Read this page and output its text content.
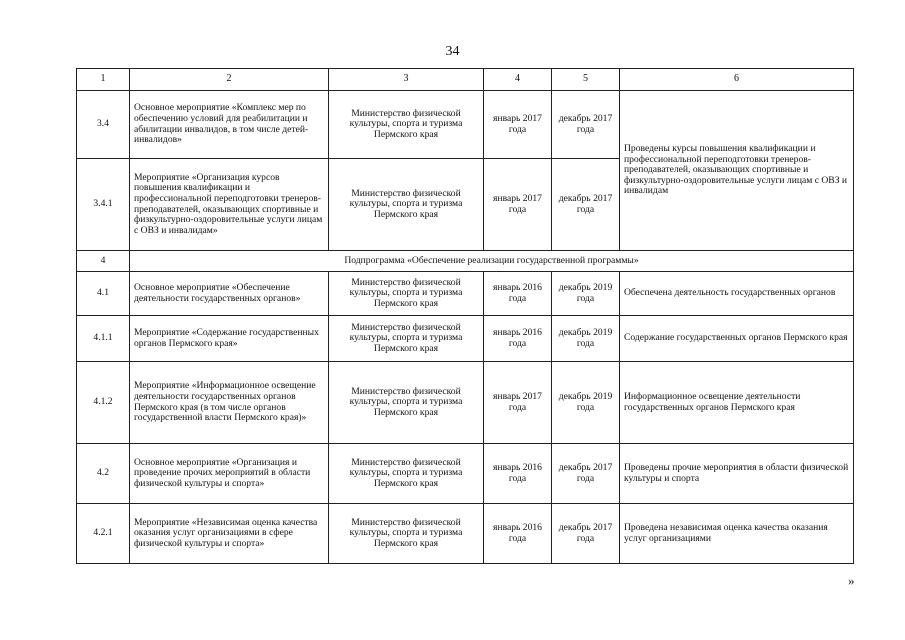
34
1	2	3	4	5	6
3.4	Основное мероприятие «Комплекс мер по обеспечению условий для реабилитации и абилитации инвалидов, в том числе детей-инвалидов»	Министерство физической культуры, спорта и туризма Пермского края	январь 2017 года	декабрь 2017 года	Проведены курсы повышения квалификации и профессиональной переподготовки тренеров-преподавателей, оказывающих спортивные и физкультурно-оздоровительные услуги лицам с ОВЗ и инвалидам
3.4.1	Мероприятие «Организация курсов повышения квалификации и профессиональной переподготовки тренеров-преподавателей, оказывающих спортивные и физкультурно-оздоровительные услуги лицам с ОВЗ и инвалидам»	Министерство физической культуры, спорта и туризма Пермского края	январь 2017 года	декабрь 2017 года	
4	Подпрограмма «Обеспечение реализации государственной программы»				
4.1	Основное мероприятие «Обеспечение деятельности государственных органов»	Министерство физической культуры, спорта и туризма Пермского края	январь 2016 года	декабрь 2019 года	Обеспечена деятельность государственных органов
4.1.1	Мероприятие «Содержание государственных органов Пермского края»	Министерство физической культуры, спорта и туризма Пермского края	январь 2016 года	декабрь 2019 года	Содержание государственных органов Пермского края
4.1.2	Мероприятие «Информационное освещение деятельности государственных органов Пермского края (в том числе органов государственной власти Пермского края)»	Министерство физической культуры, спорта и туризма Пермского края	январь 2017 года	декабрь 2019 года	Информационное освещение деятельности государственных органов Пермского края
4.2	Основное мероприятие «Организация и проведение прочих мероприятий в области физической культуры и спорта»	Министерство физической культуры, спорта и туризма Пермского края	январь 2016 года	декабрь 2017 года	Проведены прочие мероприятия в области физической культуры и спорта
4.2.1	Мероприятие «Независимая оценка качества оказания услуг организациями в сфере физической культуры и спорта»	Министерство физической культуры, спорта и туризма Пермского края	январь 2016 года	декабрь 2017 года	Проведена независимая оценка качества оказания услуг организациями
»
